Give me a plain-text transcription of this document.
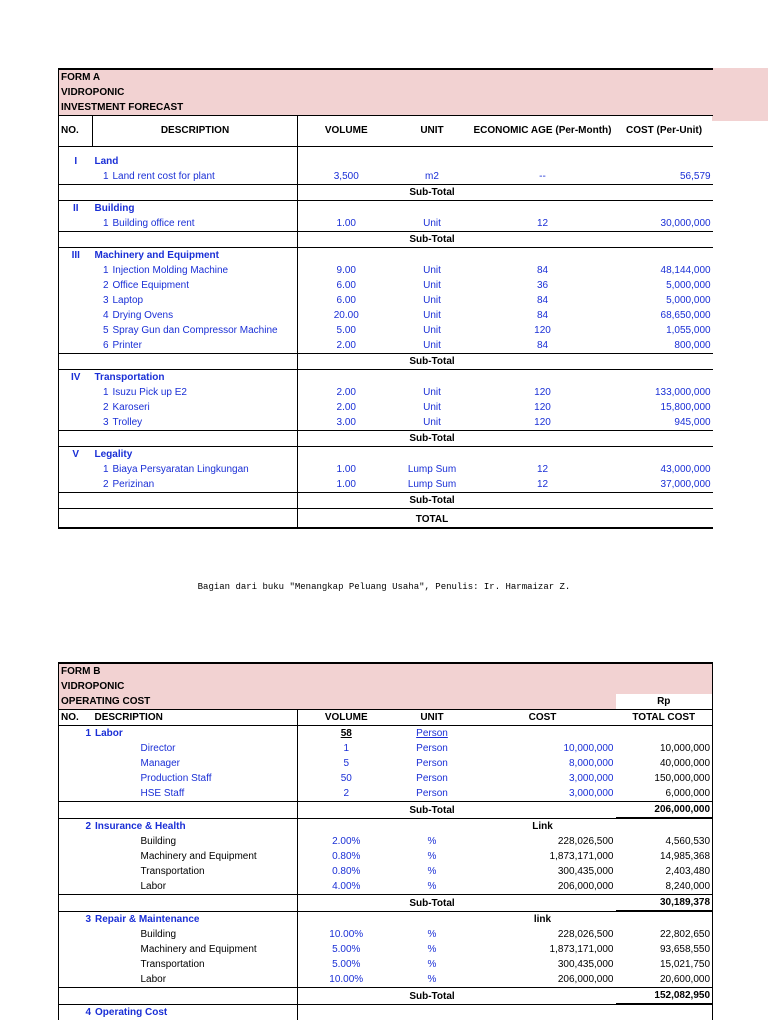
FORM A					
VIDROPONIC					
INVESTMENT FORECAST					
NO.	DESCRIPTION	VOLUME	UNIT	ECONOMIC AGE (Per-Month)	COST (Per-Unit)
I	Land				
	1 Land rent cost for plant	3,500	m2	--	56,579
			Sub-Total		
II	Building				
	1 Building office rent	1.00	Unit	12	30,000,000
			Sub-Total		
III	Machinery and Equipment				
	1 Injection Molding Machine	9.00	Unit	84	48,144,000
	2 Office Equipment	6.00	Unit	36	5,000,000
	3 Laptop	6.00	Unit	84	5,000,000
	4 Drying Ovens	20.00	Unit	84	68,650,000
	5 Spray Gun dan Compressor Machine	5.00	Unit	120	1,055,000
	6 Printer	2.00	Unit	84	800,000
			Sub-Total		
IV	Transportation				
	1 Isuzu Pick up E2	2.00	Unit	120	133,000,000
	2 Karoseri	2.00	Unit	120	15,800,000
	3 Trolley	3.00	Unit	120	945,000
			Sub-Total		
V	Legality				
	1 Biaya Persyaratan Lingkungan	1.00	Lump Sum	12	43,000,000
	2 Perizinan	1.00	Lump Sum	12	37,000,000
			Sub-Total		
			TOTAL		
Bagian dari buku "Menangkap Peluang Usaha", Penulis: Ir. Harmaizar Z.
FORM B					
VIDROPONIC					
OPERATING COST					Rp
NO.	DESCRIPTION	VOLUME	UNIT	COST	TOTAL COST
1 Labor		58	Person		
	Director	1	Person	10,000,000	10,000,000
	Manager	5	Person	8,000,000	40,000,000
	Production Staff	50	Person	3,000,000	150,000,000
	HSE Staff	2	Person	3,000,000	6,000,000
			Sub-Total		206,000,000
2 Insurance & Health				Link	
	Building	2.00%	%	228,026,500	4,560,530
	Machinery and Equipment	0.80%	%	1,873,171,000	14,985,368
	Transportation	0.80%	%	300,435,000	2,403,480
	Labor	4.00%	%	206,000,000	8,240,000
			Sub-Total		30,189,378
3 Repair & Maintenance				link	
	Building	10.00%	%	228,026,500	22,802,650
	Machinery and Equipment	5.00%	%	1,873,171,000	93,658,550
	Transportation	5.00%	%	300,435,000	15,021,750
	Labor	10.00%	%	206,000,000	20,600,000
			Sub-Total		152,082,950
4 Operating Cost					
